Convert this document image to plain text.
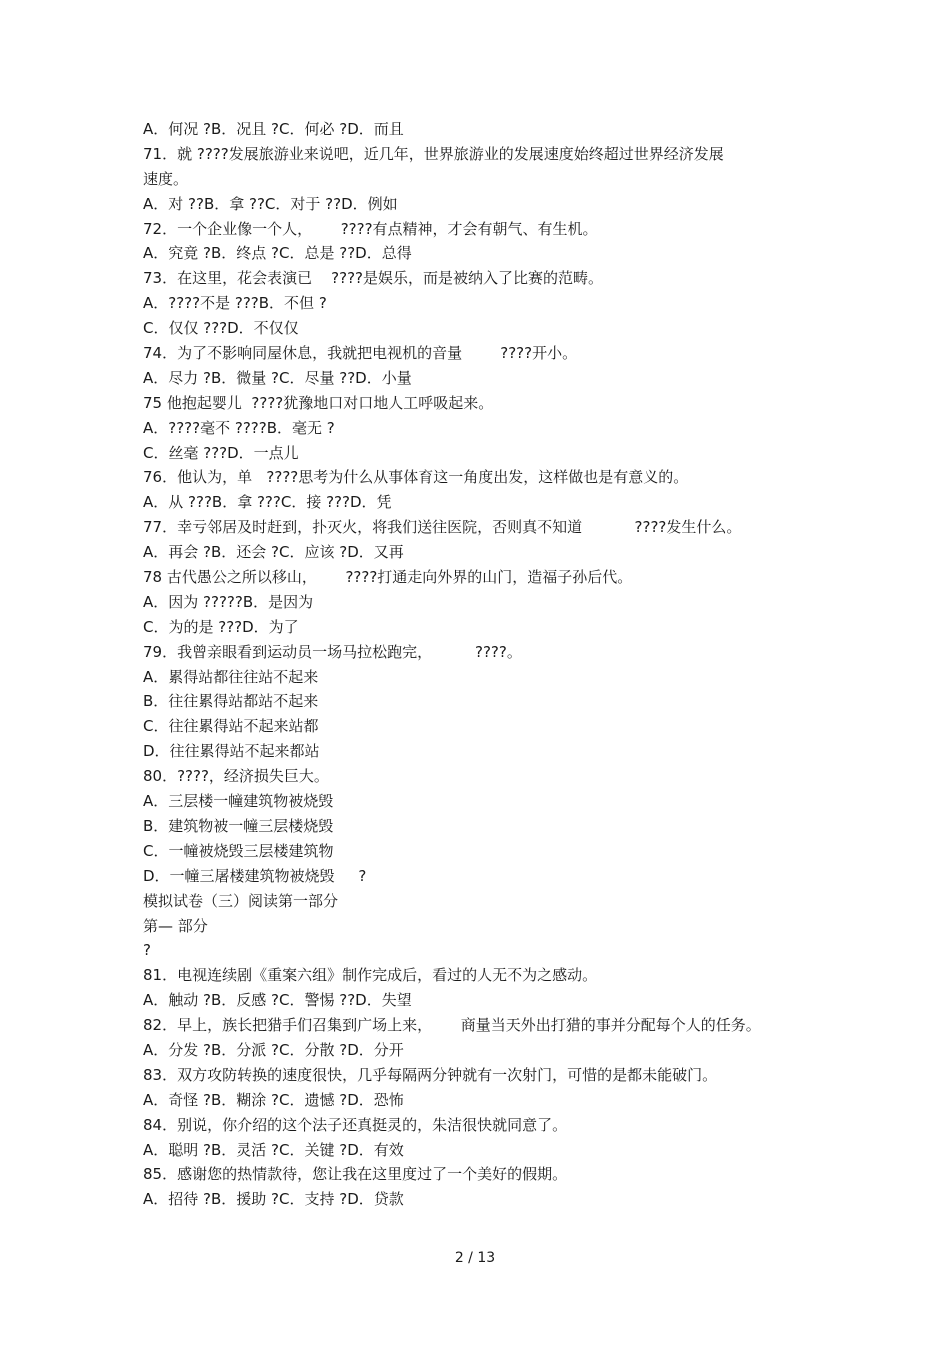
A．何况 ?B．况且 ?C．何必 ?D．而且
71．就 ????发展旅游业来说吧，近几年，世界旅游业的发展速度始终超过世界经济发展
速度。
A．对 ??B．拿 ??C．对于 ??D．例如
72．一个企业像一个人，      ????有点精神，才会有朝气、有生机。
A．究竟 ?B．终点 ?C．总是 ??D．总得
73．在这里，花会表演已    ????是娱乐，而是被纳入了比赛的范畴。
A．????不是 ???B．不但 ?
C．仅仅 ???D．不仅仅
74．为了不影响同屋休息，我就把电视机的音量        ????开小。
A．尽力 ?B．微量 ?C．尽量 ??D．小量
75 他抱起婴儿  ????犹豫地口对口地人工呼吸起来。
A．????毫不 ????B．毫无 ?
C．丝毫 ???D．一点儿
76．他认为，单   ????思考为什么从事体育这一角度出发，这样做也是有意义的。
A．从 ???B．拿 ???C．接 ???D．凭
77．幸亏邻居及时赶到，扑灭火，将我们送往医院，否则真不知道           ????发生什么。
A．再会 ?B．还会 ?C．应该 ?D．又再
78 古代愚公之所以移山，      ????打通走向外界的山门，造福子孙后代。
A．因为 ?????B．是因为
C．为的是 ???D．为了
79．我曾亲眼看到运动员一场马拉松跑完，         ????。
A．累得站都往往站不起来
B．往往累得站都站不起来
C．往往累得站不起来站都
D．往往累得站不起来都站
80．????，经济损失巨大。
A．三层楼一幢建筑物被烧毁
B．建筑物被一幢三层楼烧毁
C．一幢被烧毁三层楼建筑物
D．一幢三屠楼建筑物被烧毁     ?
模拟试卷（三）阅读第一部分
第— 部分
?
81．电视连续剧《重案六组》制作完成后，看过的人无不为之感动。
A．触动 ?B．反感 ?C．警惕 ??D．失望
82．早上，族长把猎手们召集到广场上来，      商量当天外出打猎的事并分配每个人的任务。
A．分发 ?B．分派 ?C．分散 ?D．分开
83．双方攻防转换的速度很快，几乎每隔两分钟就有一次射门，可惜的是都未能破门。
A．奇怪 ?B．糊涂 ?C．遗憾 ?D．恐怖
84．别说，你介绍的这个法子还真挺灵的，朱洁很快就同意了。
A．聪明 ?B．灵活 ?C．关键 ?D．有效
85．感谢您的热情款待，您让我在这里度过了一个美好的假期。
A．招待 ?B．援助 ?C．支持 ?D．贷款
2 / 13
